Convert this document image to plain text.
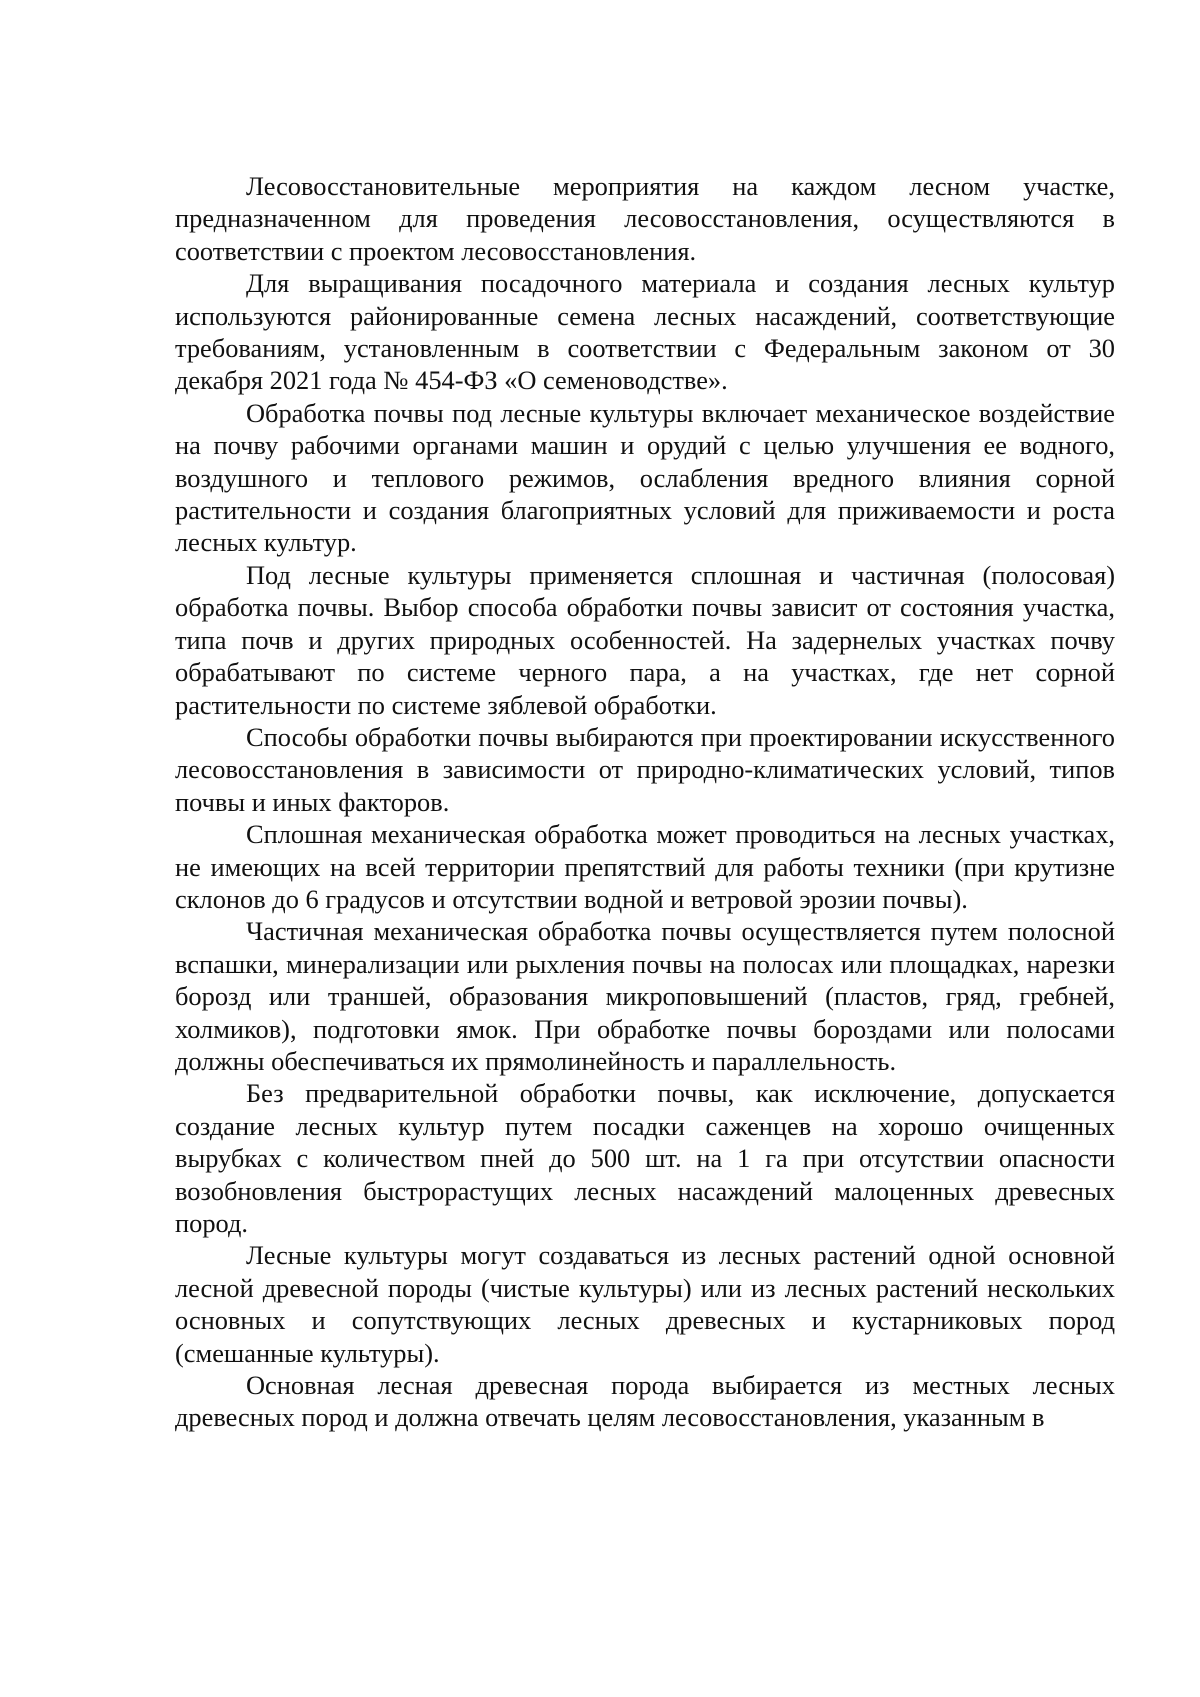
Лесовосстановительные мероприятия на каждом лесном участке, предназначенном для проведения лесовосстановления, осуществляются в соответствии с проектом лесовосстановления.

Для выращивания посадочного материала и создания лесных культур используются районированные семена лесных насаждений, соответствующие требованиям, установленным в соответствии с Федеральным законом от 30 декабря 2021 года № 454-ФЗ «О семеноводстве».

Обработка почвы под лесные культуры включает механическое воздействие на почву рабочими органами машин и орудий с целью улучшения ее водного, воздушного и теплового режимов, ослабления вредного влияния сорной растительности и создания благоприятных условий для приживаемости и роста лесных культур.

Под лесные культуры применяется сплошная и частичная (полосовая) обработка почвы. Выбор способа обработки почвы зависит от состояния участка, типа почв и других природных особенностей. На задернелых участках почву обрабатывают по системе черного пара, а на участках, где нет сорной растительности по системе зяблевой обработки.

Способы обработки почвы выбираются при проектировании искусственного лесовосстановления в зависимости от природно-климатических условий, типов почвы и иных факторов.

Сплошная механическая обработка может проводиться на лесных участках, не имеющих на всей территории препятствий для работы техники (при крутизне склонов до 6 градусов и отсутствии водной и ветровой эрозии почвы).

Частичная механическая обработка почвы осуществляется путем полосной вспашки, минерализации или рыхления почвы на полосах или площадках, нарезки борозд или траншей, образования микроповышений (пластов, гряд, гребней, холмиков), подготовки ямок. При обработке почвы бороздами или полосами должны обеспечиваться их прямолинейность и параллельность.

Без предварительной обработки почвы, как исключение, допускается создание лесных культур путем посадки саженцев на хорошо очищенных вырубках с количеством пней до 500 шт. на 1 га при отсутствии опасности возобновления быстрорастущих лесных насаждений малоценных древесных пород.

Лесные культуры могут создаваться из лесных растений одной основной лесной древесной породы (чистые культуры) или из лесных растений нескольких основных и сопутствующих лесных древесных и кустарниковых пород (смешанные культуры).

Основная лесная древесная порода выбирается из местных лесных древесных пород и должна отвечать целям лесовосстановления, указанным в
